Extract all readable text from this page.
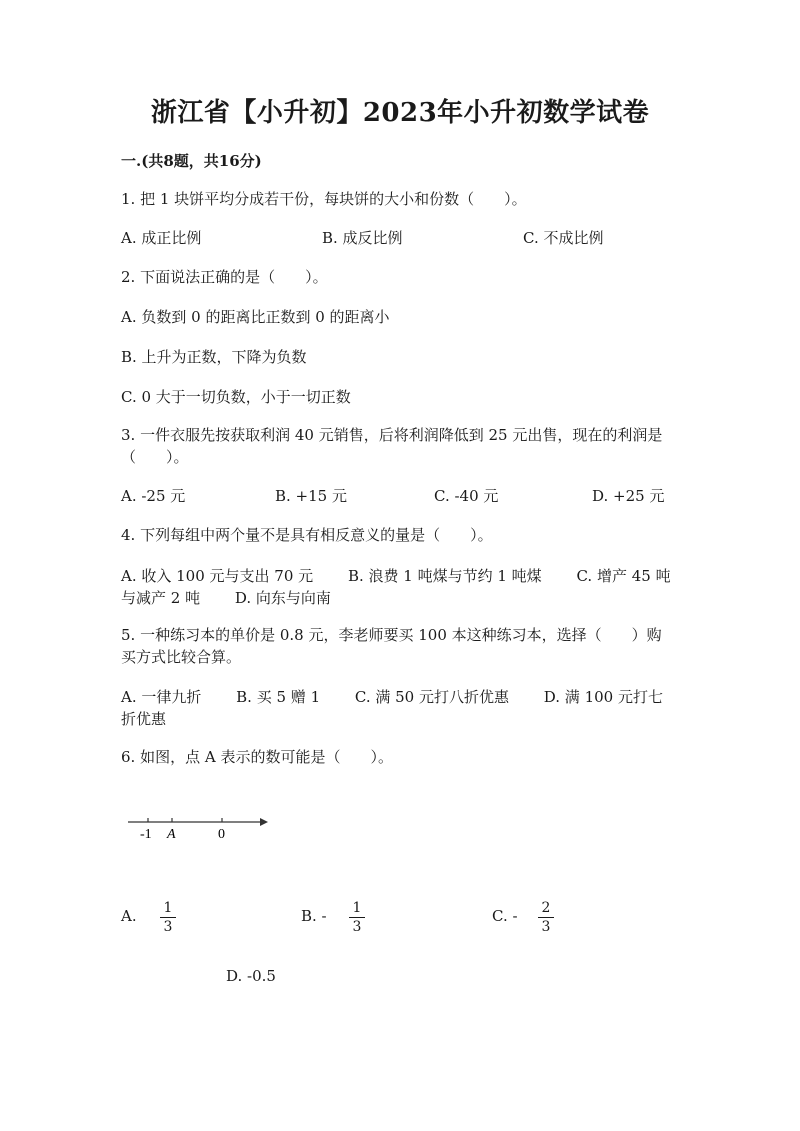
浙江省【小升初】2023年小升初数学试卷
一.(共8题，共16分)
1. 把 1 块饼平均分成若干份，每块饼的大小和份数（　　）。
A. 成正比例	B. 成反比例	C. 不成比例
2. 下面说法正确的是（　　）。
A. 负数到 0 的距离比正数到 0 的距离小
B. 上升为正数，下降为负数
C. 0 大于一切负数，小于一切正数
3. 一件衣服先按获取利润 40 元销售，后将利润降低到 25 元出售，现在的利润是（　　）。
A. -25 元	B. +15 元	C. -40 元	D. +25 元
4. 下列每组中两个量不是具有相反意义的量是（　　）。
A. 收入 100 元与支出 70 元　　 B. 浪费 1 吨煤与节约 1 吨煤　　 C. 增产 45 吨与减产 2 吨　　 D. 向东与向南
5. 一种练习本的单价是 0.8 元，李老师要买 100 本这种练习本，选择（　　）购买方式比较合算。
A. 一律九折　　 B. 买 5 赠 1　　 C. 满 50 元打八折优惠　　 D. 满 100 元打七折优惠
6. 如图，点 A 表示的数可能是（　　）。
-1 A	0
A. 1
3
B. - 1
3
C. - 2
3
D. -0.5
